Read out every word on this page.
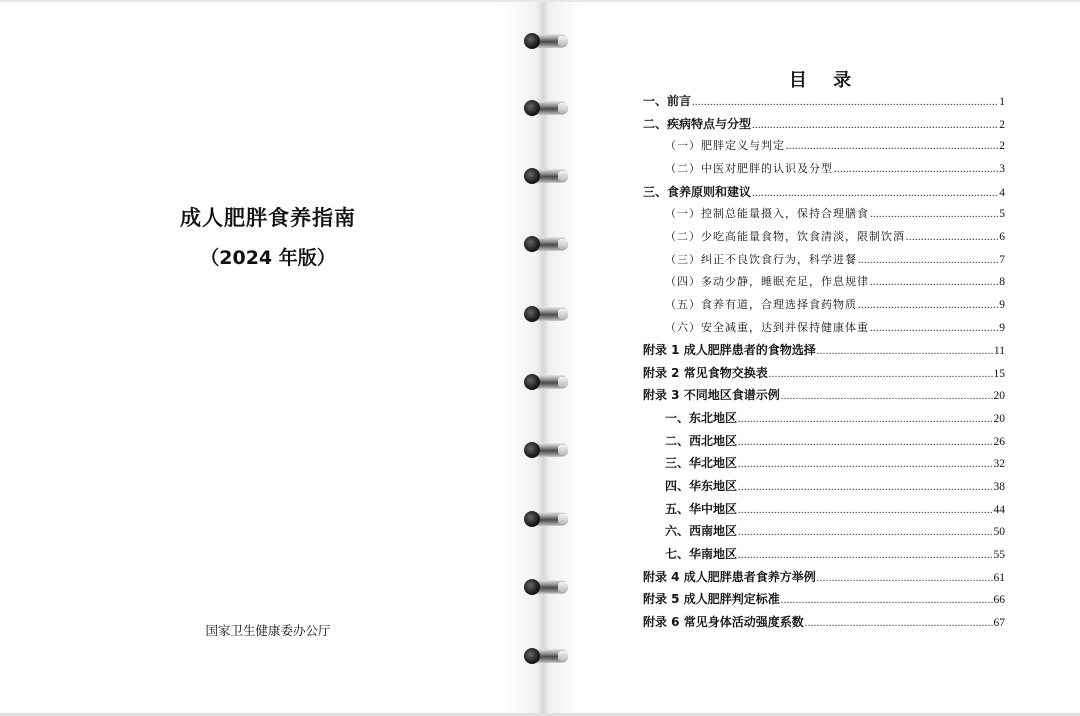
成人肥胖食养指南
（2024 年版）
国家卫生健康委办公厅
目 录
一、前言 .....	1
二、疾病特点与分型 .....	2
（一）肥胖定义与判定 .....	2
（二）中医对肥胖的认识及分型 .....	3
三、食养原则和建议 .....	4
（一）控制总能量摄入，保持合理膳食 .....	5
（二）少吃高能量食物，饮食清淡，限制饮酒 .....	6
（三）纠正不良饮食行为，科学进餐 .....	7
（四）多动少静，睡眠充足，作息规律 .....	8
（五）食养有道，合理选择食药物质 .....	9
（六）安全减重，达到并保持健康体重 .....	9
附录 1 成人肥胖患者的食物选择 .....	11
附录 2 常见食物交换表 .....	15
附录 3 不同地区食谱示例 .....	20
一、东北地区 .....	20
二、西北地区 .....	26
三、华北地区 .....	32
四、华东地区 .....	38
五、华中地区 .....	44
六、西南地区 .....	50
七、华南地区 .....	55
附录 4 成人肥胖患者食养方举例 .....	61
附录 5 成人肥胖判定标准 .....	66
附录 6 常见身体活动强度系数 .....	67
